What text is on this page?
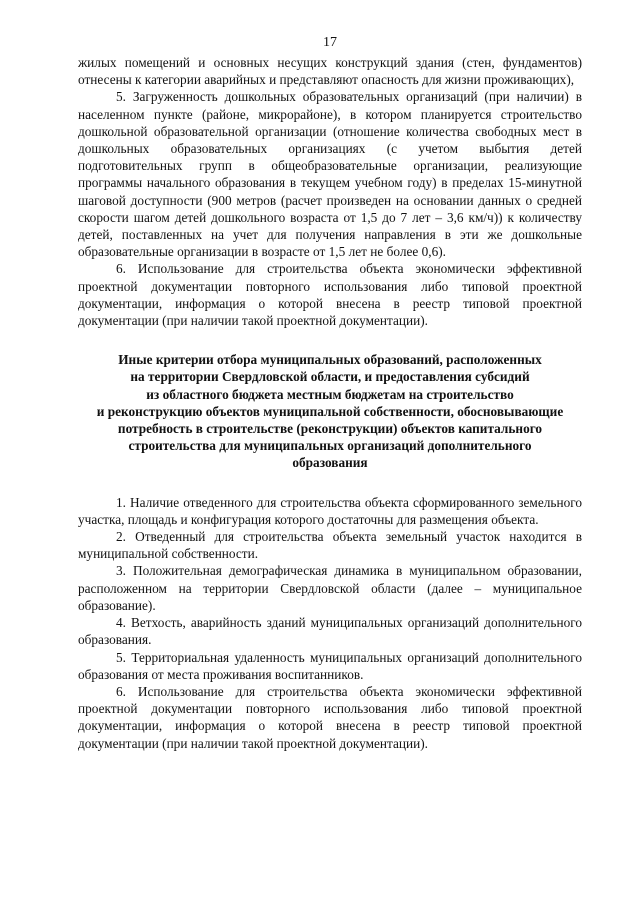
17

жилых помещений и основных несущих конструкций здания (стен, фундаментов) отнесены к категории аварийных и представляют опасность для жизни проживающих),

5. Загруженность дошкольных образовательных организаций (при наличии) в населенном пункте (районе, микрорайоне), в котором планируется строительство дошкольной образовательной организации (отношение количества свободных мест в дошкольных образовательных организациях (с учетом выбытия детей подготовительных групп в общеобразовательные организации, реализующие программы начального образования в текущем учебном году) в пределах 15-минутной шаговой доступности (900 метров (расчет произведен на основании данных о средней скорости шагом детей дошкольного возраста от 1,5 до 7 лет – 3,6 км/ч)) к количеству детей, поставленных на учет для получения направления в эти же дошкольные образовательные организации в возрасте от 1,5 лет не более 0,6).

6. Использование для строительства объекта экономически эффективной проектной документации повторного использования либо типовой проектной документации, информация о которой внесена в реестр типовой проектной документации (при наличии такой проектной документации).

Иные критерии отбора муниципальных образований, расположенных

на территории Свердловской области, и предоставления субсидий

из областного бюджета местным бюджетам на строительство

и реконструкцию объектов муниципальной собственности, обосновывающие

потребность в строительстве (реконструкции) объектов капитального

строительства для муниципальных организаций дополнительного

образования

1. Наличие отведенного для строительства объекта сформированного земельного участка, площадь и конфигурация которого достаточны для размещения объекта.

2. Отведенный для строительства объекта земельный участок находится в муниципальной собственности.

3. Положительная демографическая динамика в муниципальном образовании, расположенном на территории Свердловской области (далее – муниципальное образование).

4. Ветхость, аварийность зданий муниципальных организаций дополнительного образования.

5. Территориальная удаленность муниципальных организаций дополнительного образования от места проживания воспитанников.

6. Использование для строительства объекта экономически эффективной проектной документации повторного использования либо типовой проектной документации, информация о которой внесена в реестр типовой проектной документации (при наличии такой проектной документации).
